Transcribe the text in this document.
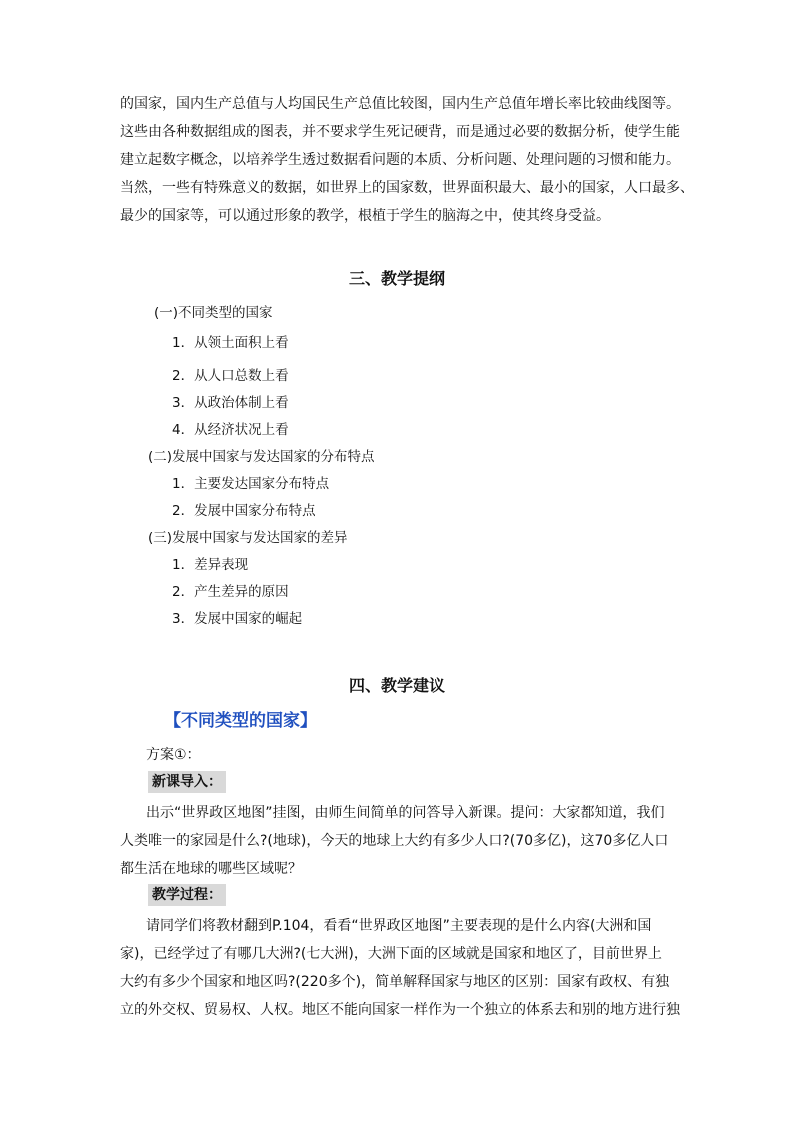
的国家，国内生产总值与人均国民生产总值比较图，国内生产总值年增长率比较曲线图等。
这些由各种数据组成的图表，并不要求学生死记硬背，而是通过必要的数据分析，使学生能
建立起数字概念，以培养学生透过数据看问题的本质、分析问题、处理问题的习惯和能力。
当然，一些有特殊意义的数据，如世界上的国家数，世界面积最大、最小的国家，人口最多、
最少的国家等，可以通过形象的教学，根植于学生的脑海之中，使其终身受益。
三、教学提纲
(一)不同类型的国家
1．从领土面积上看
2．从人口总数上看
3．从政治体制上看
4．从经济状况上看
(二)发展中国家与发达国家的分布特点
1．主要发达国家分布特点
2．发展中国家分布特点
(三)发展中国家与发达国家的差异
1．差异表现
2．产生差异的原因
3．发展中国家的崛起
四、教学建议
【不同类型的国家】
方案①：
新课导入：
出示“世界政区地图”挂图，由师生间简单的问答导入新课。提问：大家都知道，我们
人类唯一的家园是什么?(地球)，今天的地球上大约有多少人口?(70多亿)，这70多亿人口
都生活在地球的哪些区域呢？
教学过程：
请同学们将教材翻到P.104，看看“世界政区地图”主要表现的是什么内容(大洲和国
家)，已经学过了有哪几大洲?(七大洲)，大洲下面的区域就是国家和地区了，目前世界上
大约有多少个国家和地区吗?(220多个)，简单解释国家与地区的区别：国家有政权、有独
立的外交权、贸易权、人权。地区不能向国家一样作为一个独立的体系去和别的地方进行独
